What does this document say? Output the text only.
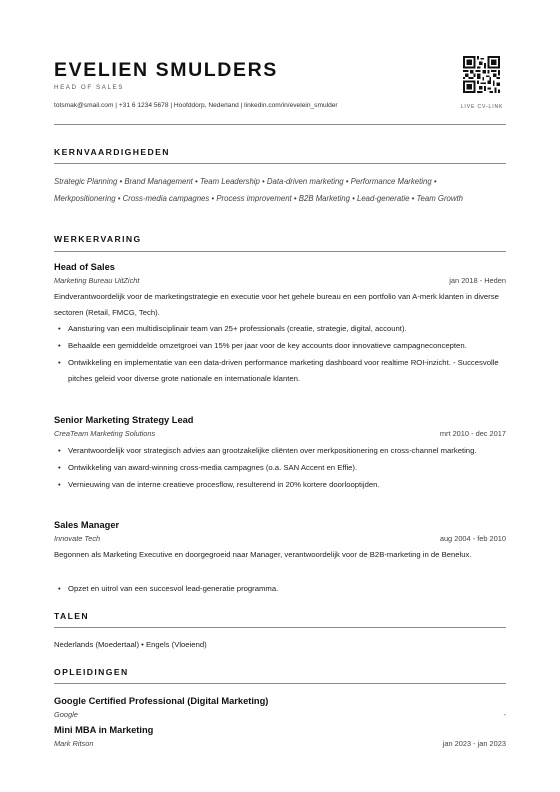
EVELIEN SMULDERS
HEAD OF SALES
totsmak@smail.com | +31 6 1234 5678 | Hoofddorp, Nederland | linkedin.com/in/evelein_smulder	LIVE CV-LINK
KERNVAARDIGHEDEN
Strategic Planning • Brand Management • Team Leadership • Data-driven marketing • Performance Marketing • Merkpositionering • Cross-media campagnes • Process improvement • B2B Marketing • Lead-generatie • Team Growth
WERKERVARING
Head of Sales
Marketing Bureau UitZicht	jan 2018 - Heden
Eindverantwoordelijk voor de marketingstrategie en executie voor het gehele bureau en een portfolio van A-merk klanten in diverse sectoren (Retail, FMCG, Tech).
• Aansturing van een multidisciplinair team van 25+ professionals (creatie, strategie, digital, account).
• Behaalde een gemiddelde omzetgroei van 15% per jaar voor de key accounts door innovatieve campagneconcepten.
• Ontwikkeling en implementatie van een data-driven performance marketing dashboard voor realtime ROI-inzicht. - Succesvolle pitches geleid voor diverse grote nationale en internationale klanten.
Senior Marketing Strategy Lead
CreaTeam Marketing Solutions	mrt 2010 - dec 2017
• Verantwoordelijk voor strategisch advies aan grootzakelijke cliënten over merkpositionering en cross-channel marketing.
• Ontwikkeling van award-winning cross-media campagnes (o.a. SAN Accent en Effie).
• Vernieuwing van de interne creatieve procesflow, resulterend in 20% kortere doorlooptijden.
Sales Manager
Innovate Tech	aug 2004 - feb 2010
Begonnen als Marketing Executive en doorgegroeid naar Manager, verantwoordelijk voor de B2B-marketing in de Benelux.
• Opzet en uitrol van een succesvol lead-generatie programma.
TALEN
Nederlands (Moedertaal) • Engels (Vloeiend)
OPLEIDINGEN
Google Certified Professional (Digital Marketing)
Google	-
Mini MBA in Marketing
Mark Ritson	jan 2023 - jan 2023
